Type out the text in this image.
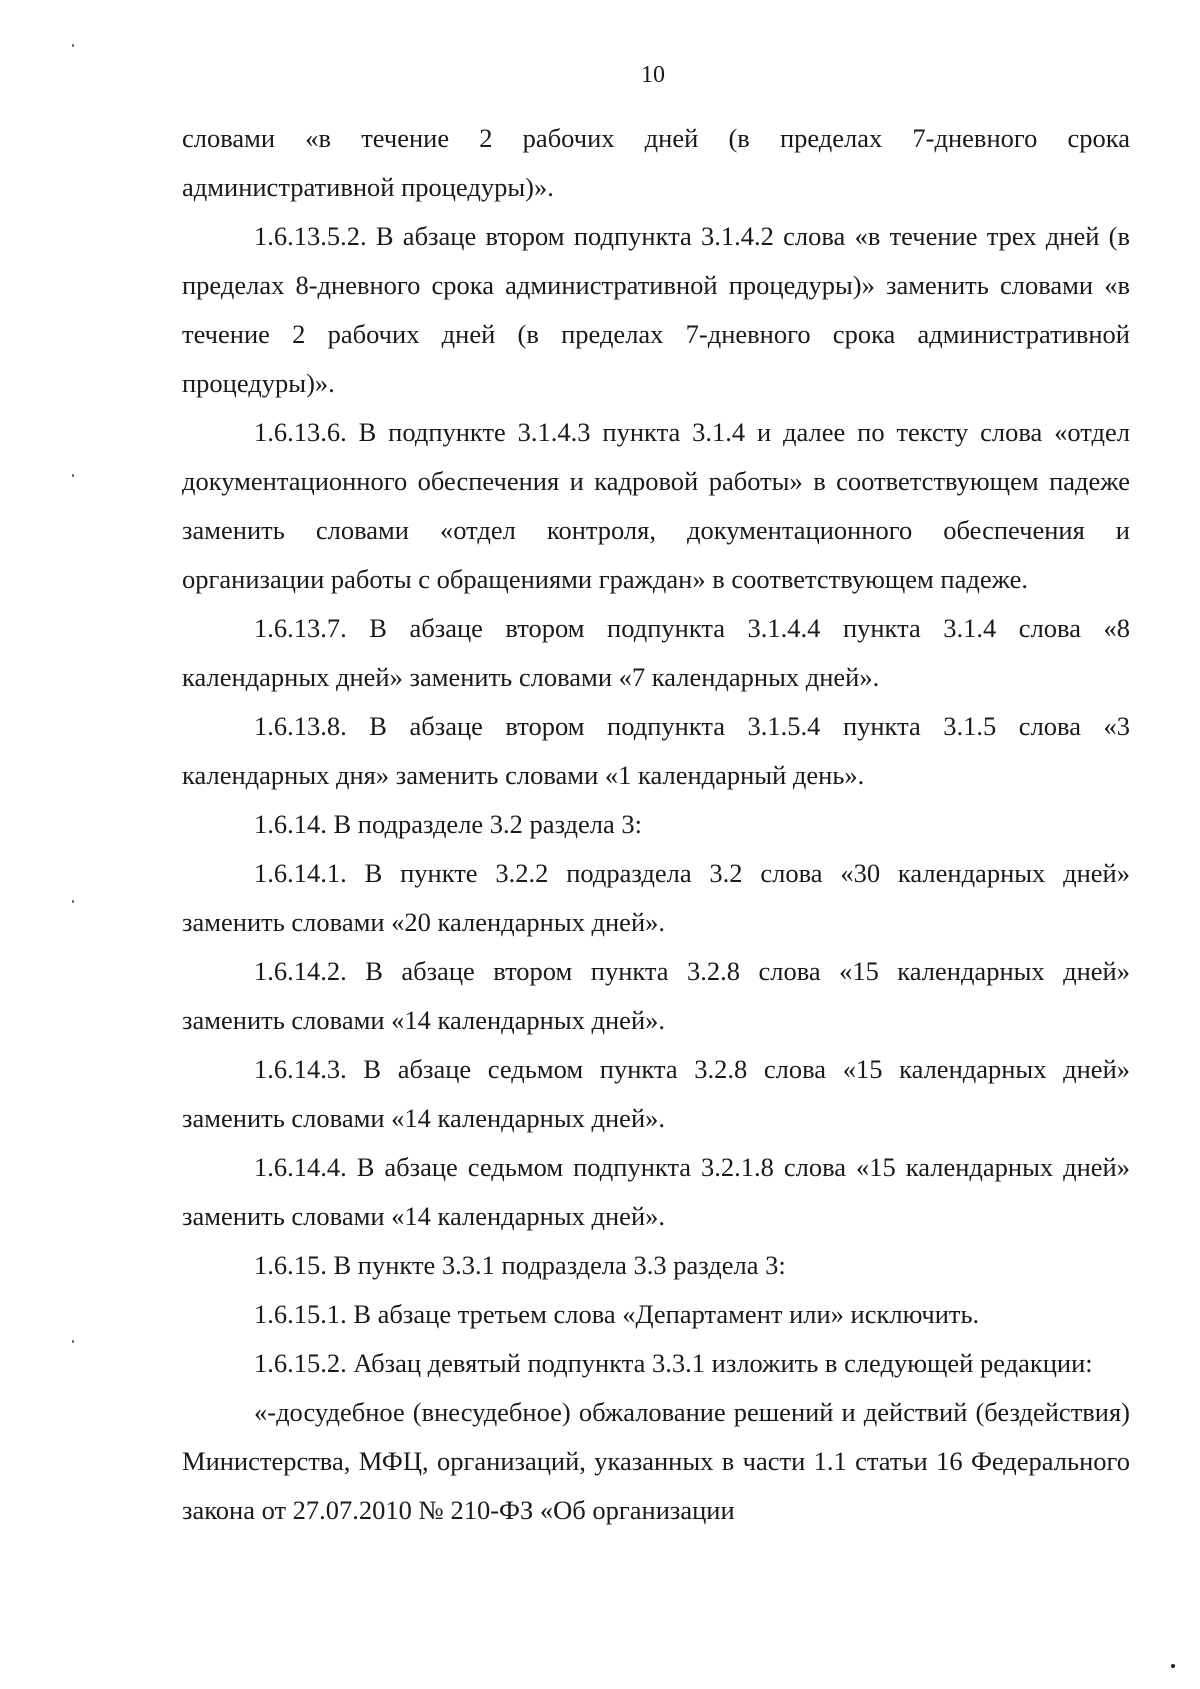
10

словами «в течение 2 рабочих дней (в пределах 7-дневного срока административной процедуры)».

1.6.13.5.2. В абзаце втором подпункта 3.1.4.2 слова «в течение трех дней (в пределах 8-дневного срока административной процедуры)» заменить словами «в течение 2 рабочих дней (в пределах 7-дневного срока административной процедуры)».

1.6.13.6. В подпункте 3.1.4.3 пункта 3.1.4 и далее по тексту слова «отдел документационного обеспечения и кадровой работы» в соответствующем падеже заменить словами «отдел контроля, документационного обеспечения и организации работы с обращениями граждан» в соответствующем падеже.

1.6.13.7. В абзаце втором подпункта 3.1.4.4 пункта 3.1.4 слова «8 календарных дней» заменить словами «7 календарных дней».

1.6.13.8. В абзаце втором подпункта 3.1.5.4 пункта 3.1.5 слова «3 календарных дня» заменить словами «1 календарный день».

1.6.14. В подразделе 3.2 раздела 3:

1.6.14.1. В пункте 3.2.2 подраздела 3.2 слова «30 календарных дней» заменить словами «20 календарных дней».

1.6.14.2. В абзаце втором пункта 3.2.8 слова «15 календарных дней» заменить словами «14 календарных дней».

1.6.14.3. В абзаце седьмом пункта 3.2.8 слова «15 календарных дней» заменить словами «14 календарных дней».

1.6.14.4. В абзаце седьмом подпункта 3.2.1.8 слова «15 календарных дней» заменить словами «14 календарных дней».

1.6.15. В пункте 3.3.1 подраздела 3.3 раздела 3:

1.6.15.1. В абзаце третьем слова «Департамент или» исключить.

1.6.15.2. Абзац девятый подпункта 3.3.1 изложить в следующей редакции:

«-досудебное (внесудебное) обжалование решений и действий (бездействия) Министерства, МФЦ, организаций, указанных в части 1.1 статьи 16 Федерального закона от 27.07.2010 № 210-ФЗ «Об организации
